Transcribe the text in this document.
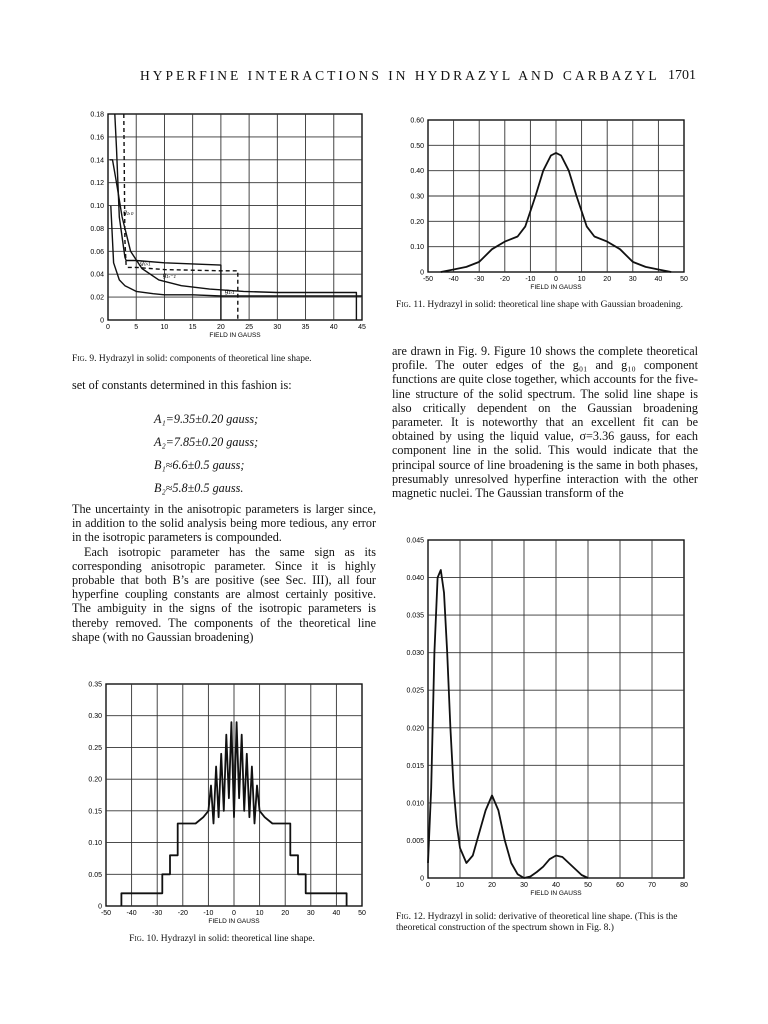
HYPERFINE INTERACTIONS IN HYDRAZYL AND CARBAZYL 1701
0	5	10	15	20	25	30	35	40	45
0
0.02
0.04
0.06
0.08
0.10
0.12
0.14
0.16
0.18
FIELD IN GAUSS
g₁,₋₁
g₁,₀
g₀,₁
g₁,₁
Fig. 9. Hydrazyl in solid: components of theoretical line shape.
-50 -40 -30 -20 -10	0	10	20	30	40	50
0
0.10
0.20
0.30
0.40
0.50
0.60
FIELD IN GAUSS
Fig. 11. Hydrazyl in solid: theoretical line shape with Gaussian broadening.

set of constants determined in this fashion is:

A₁=9.35±0.20 gauss;
A₂=7.85±0.20 gauss;
B₁≈6.6±0.5 gauss;
B₂≈5.8±0.5 gauss.

The uncertainty in the anisotropic parameters is larger since, in addition to the solid analysis being more tedious, any error in the isotropic parameters is compounded.

Each isotropic parameter has the same sign as its corresponding anisotropic parameter. Since it is highly probable that both B’s are positive (see Sec. III), all four hyperfine coupling constants are almost certainly positive. The ambiguity in the signs of the isotropic parameters is thereby removed. The components of the theoretical line shape (with no Gaussian broadening)

are drawn in Fig. 9. Figure 10 shows the complete theoretical profile. The outer edges of the g₀₁ and g₁₀ component functions are quite close together, which accounts for the five-line structure of the solid spectrum. The solid line shape is also critically dependent on the Gaussian broadening parameter. It is noteworthy that an excellent fit can be obtained by using the liquid value, σ=3.36 gauss, for each component line in the solid. This would indicate that the principal source of line broadening is the same in both phases, presumably unresolved hyperfine interaction with the other magnetic nuclei. The Gaussian transform of the

-50 -40 -30 -20 -10	0	10	20	30	40	50
0
0.05
0.10
0.15
0.20
0.25
0.30
0.35
FIELD IN GAUSS
Fig. 10. Hydrazyl in solid: theoretical line shape.
0	10	20	30	40	50	60	70	80
0
0.005
0.010
0.015
0.020
0.025
0.030
0.035
0.040
0.045
FIELD IN GAUSS
Fig. 12. Hydrazyl in solid: derivative of theoretical line shape. (This is the theoretical construction of the spectrum shown in Fig. 8.)
